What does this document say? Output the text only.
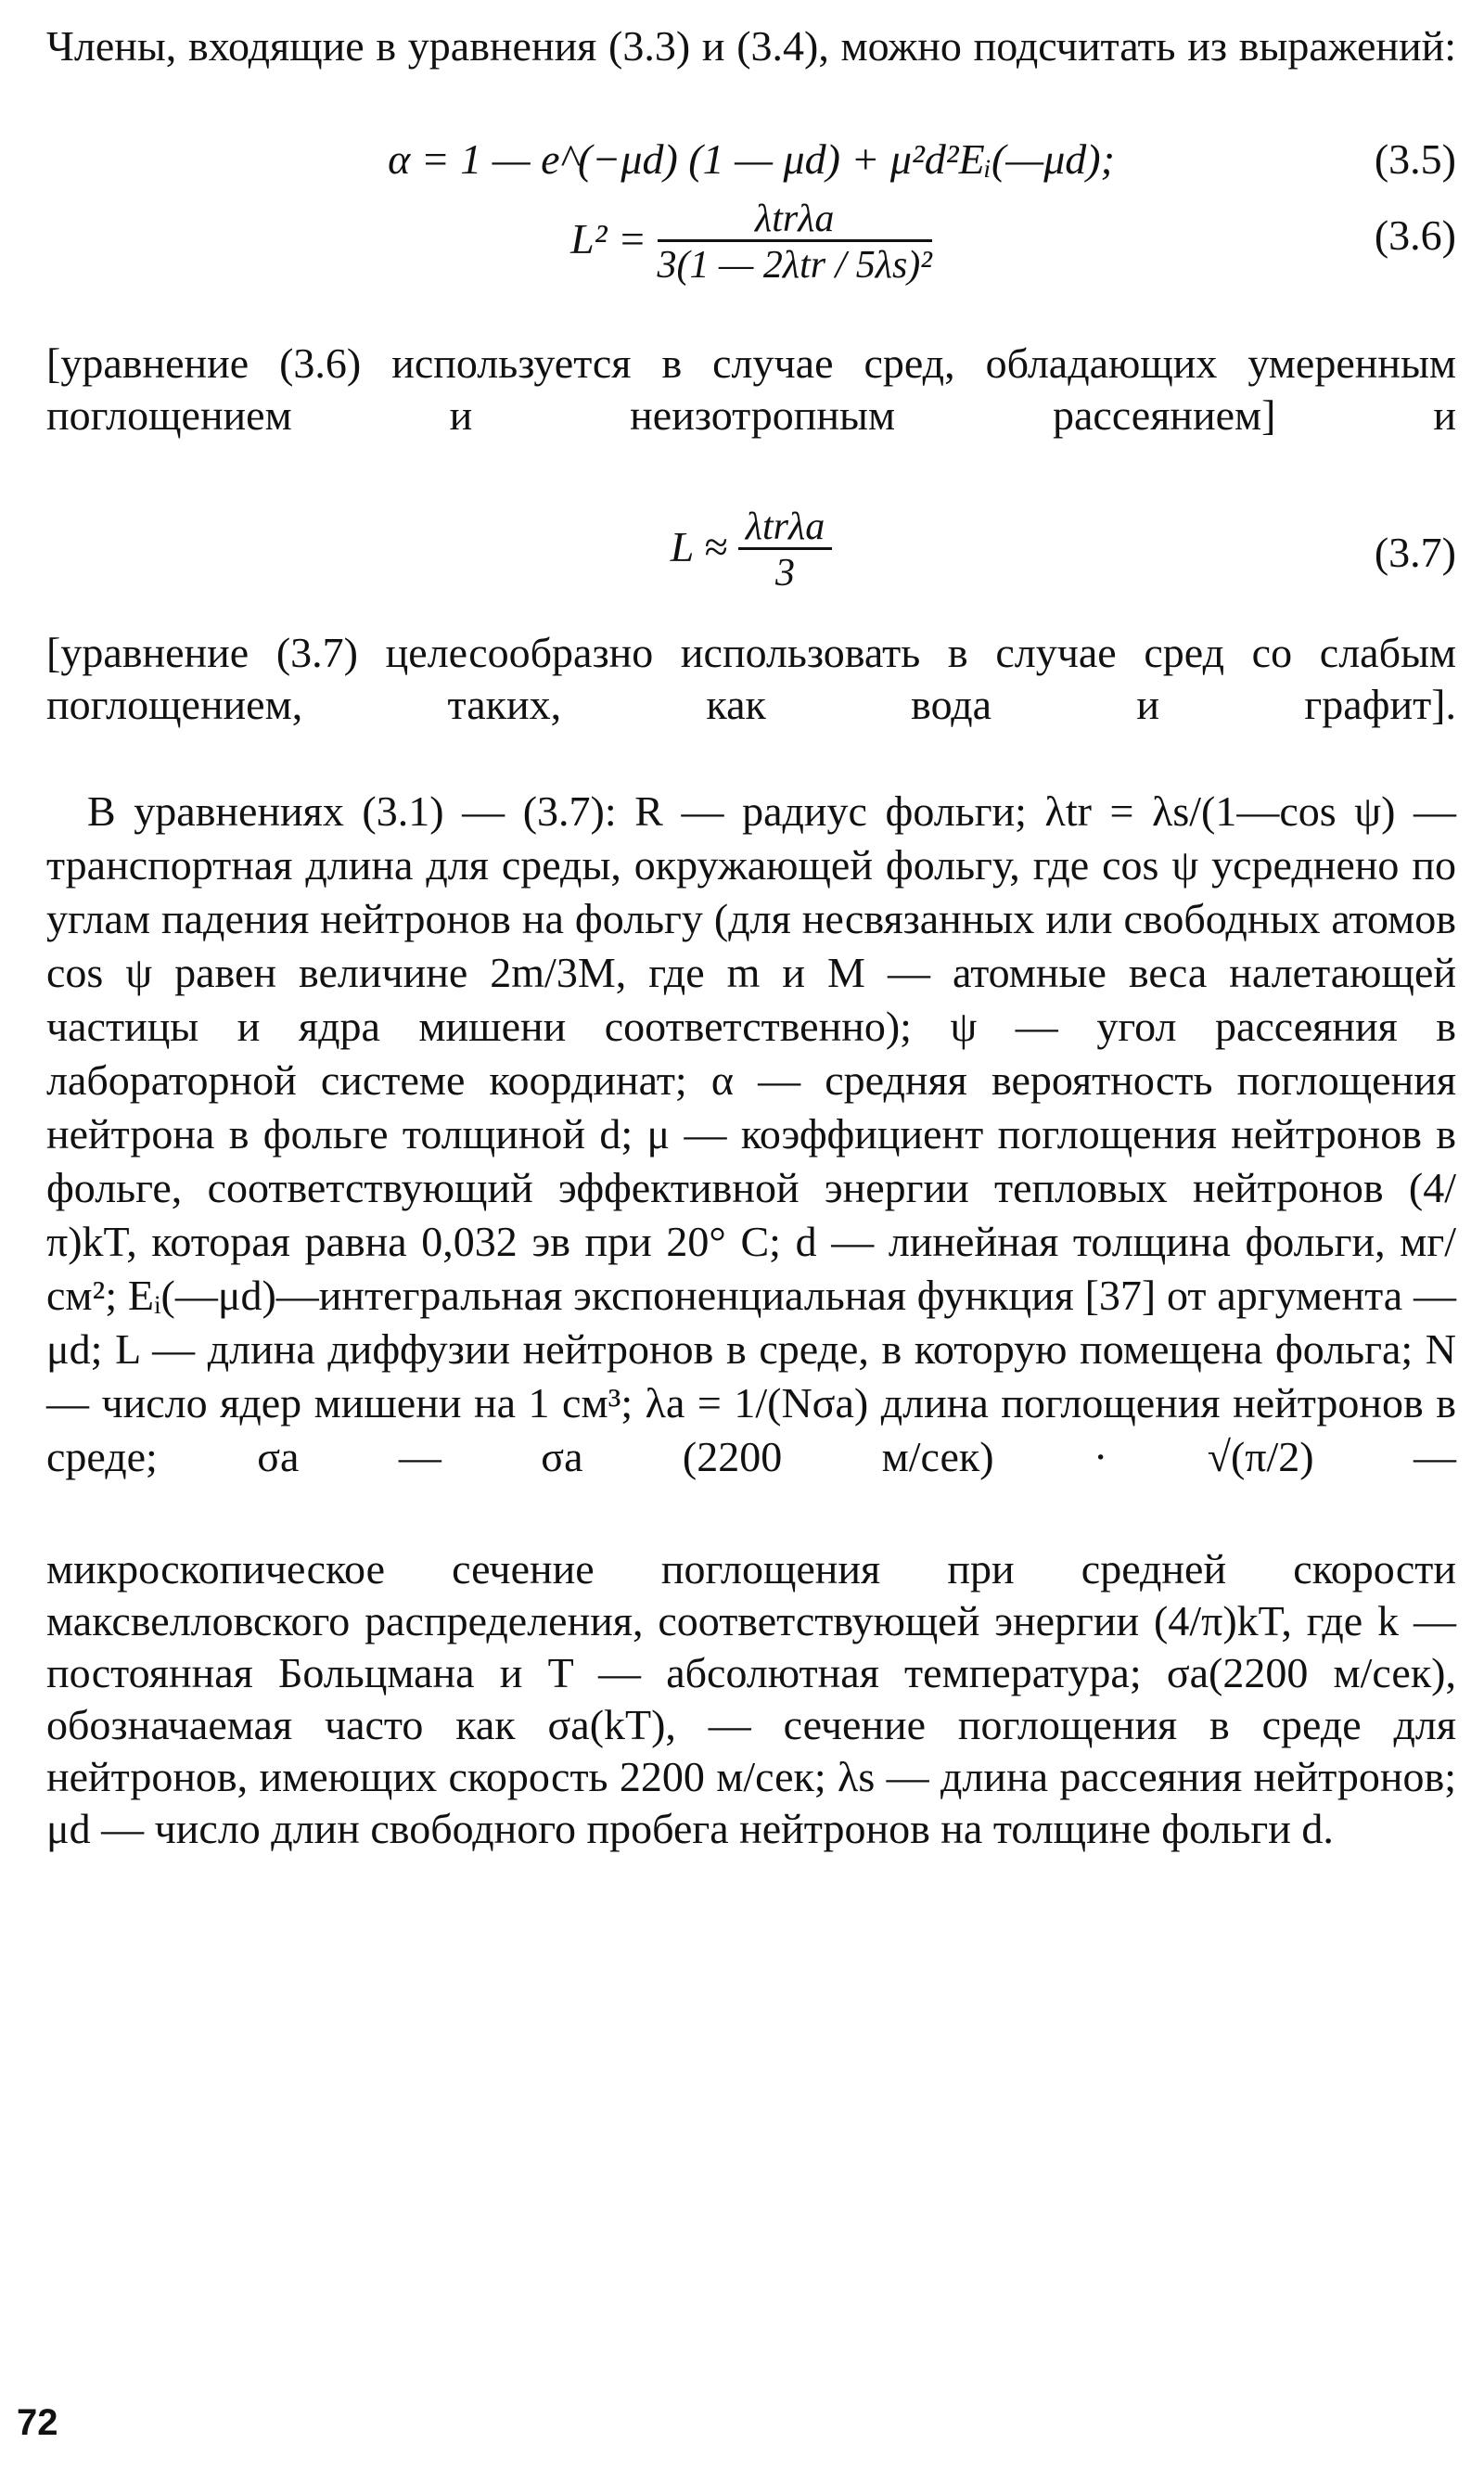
Члены, входящие в уравнения (3.3) и (3.4), можно подсчитать из выражений:

α = 1 — e^(−μd) (1 — μd) + μ²d²Eᵢ(—μd);	(3.5)
$L^2 = \frac{\text{λtrλa}}{\text{3(1 — 2λtr / 5λs)²}}$	(3.6)

[уравнение (3.6) используется в случае сред, обладающих умеренным поглощением и неизотропным рассеянием] и

$L \approx \frac{\text{λtrλa}}{3}$	(3.7)

[уравнение (3.7) целесообразно использовать в случае сред со слабым поглощением, таких, как вода и графит].

В уравнениях (3.1) — (3.7): R — радиус фольги; λtr = λs/(1—cos ψ) — транспортная длина для среды, окружающей фольгу, где cos ψ усреднено по углам падения нейтронов на фольгу (для несвязанных или свободных атомов cos ψ равен величине 2m/3M, где m и M — атомные веса налетающей частицы и ядра мишени соответственно); ψ — угол рассеяния в лабораторной системе координат; α — средняя вероятность поглощения нейтрона в фольге толщиной d; μ — коэффициент поглощения нейтронов в фольге, соответствующий эффективной энергии тепловых нейтронов (4/π)kT, которая равна 0,032 эв при 20° C; d — линейная толщина фольги, мг/см²; Eᵢ(—μd)—интегральная экспоненциальная функция [37] от аргумента —μd; L — длина диффузии нейтронов в среде, в которую помещена фольга; N — число ядер мишени на 1 см³; λa = 1/(Nσa) длина поглощения нейтронов в среде; σa — σa (2200 м/сек) · √(π/2) —

микроскопическое сечение поглощения при средней скорости максвелловского распределения, соответствующей энергии (4/π)kT, где k — постоянная Больцмана и T — абсолютная температура; σa(2200 м/сек), обозначаемая часто как σa(kT), — сечение поглощения в среде для нейтронов, имеющих скорость 2200 м/сек; λs — длина рассеяния нейтронов; μd — число длин свободного пробега нейтронов на толщине фольги d.

72
